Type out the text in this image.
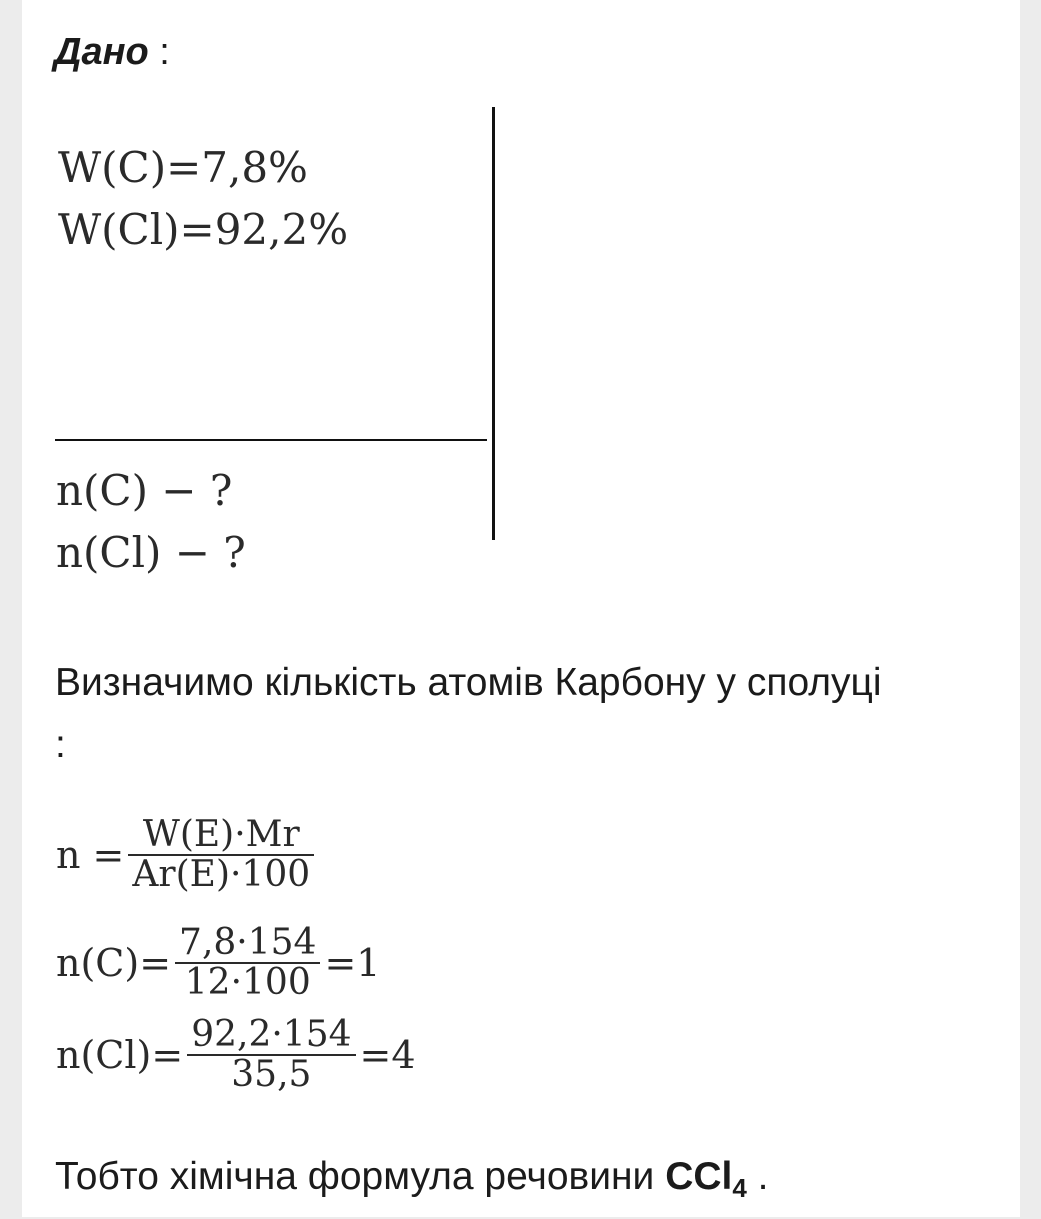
Дано :
W(C)=7,8%
W(Cl)=92,2%
n(C) − ?
n(Cl) − ?
Визначимо кількість атомів Карбону у сполуці
:
$n = \frac{W(E)\cdot Mr}{Ar(E)\cdot 100}$
$n(C)= \frac{7,8\cdot 154}{12\cdot 100} =1$
$n(Cl)= \frac{92,2\cdot 154}{35,5} =4$
Тобто хімічна формула речовини CCl$_4$ .
